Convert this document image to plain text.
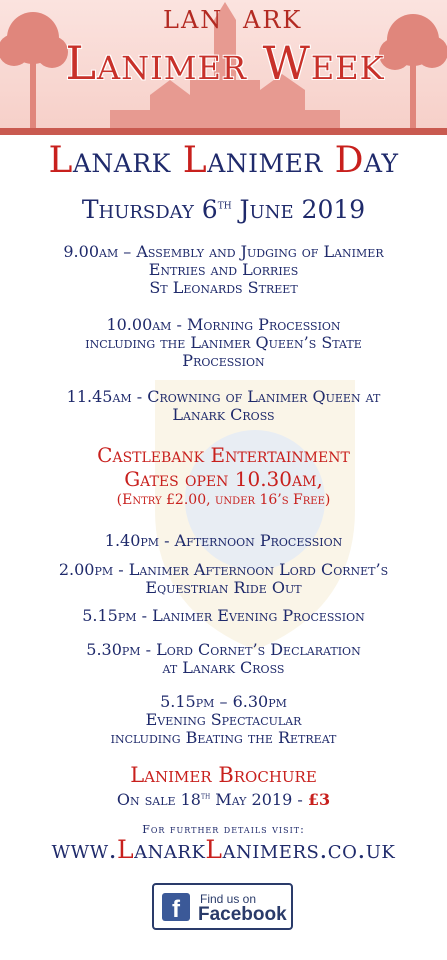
LAN ARK
Lanimer Week
Lanark Lanimer Day
Thursday 6th June 2019
9.00am – Assembly and Judging of Lanimer
Entries and Lorries
St Leonards Street
10.00am - Morning Procession
including the Lanimer Queen’s State
Procession
11.45am - Crowning of Lanimer Queen at
Lanark Cross
Castlebank Entertainment
Gates open 10.30am,
(Entry £2.00, under 16’s Free)
1.40pm - Afternoon Procession
2.00pm - Lanimer Afternoon Lord Cornet’s
Equestrian Ride Out
5.15pm - Lanimer Evening Procession
5.30pm - Lord Cornet’s Declaration
at Lanark Cross
5.15pm – 6.30pm
Evening Spectacular
including Beating the Retreat
Lanimer Brochure
On sale 18th May 2019 - £3
For further details visit:
www.LanarkLanimers.co.uk
f	Find us on
Facebook
